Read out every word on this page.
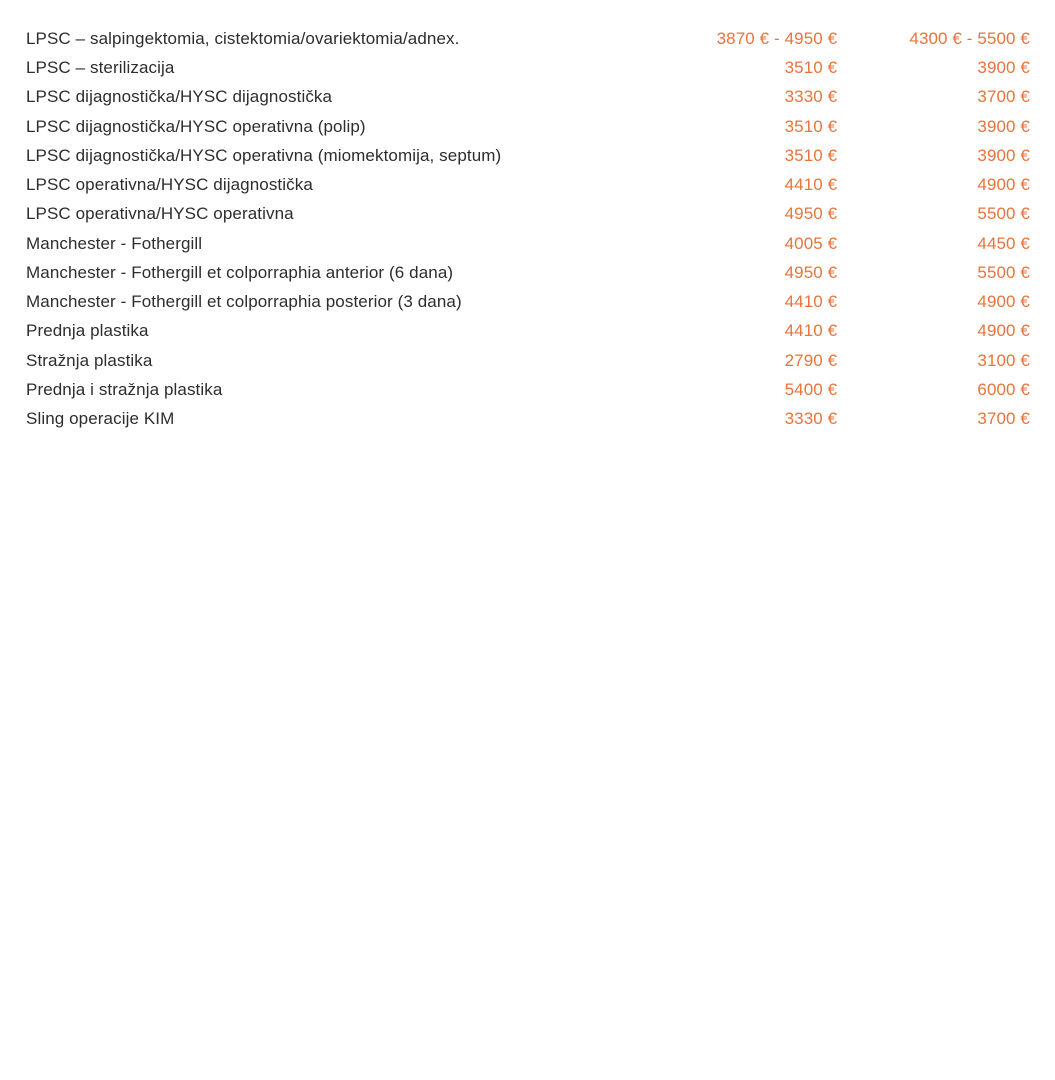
LPSC – salpingektomia, cistektomia/ovariektomia/adnex.	3870 € - 4950 €	4300 € - 5500 €

LPSC – sterilizacija	3510 €	3900 €

LPSC dijagnostička/HYSC dijagnostička	3330 €	3700 €

LPSC dijagnostička/HYSC operativna (polip)	3510 €	3900 €

LPSC dijagnostička/HYSC operativna (miomektomija, septum)	3510 €	3900 €

LPSC operativna/HYSC dijagnostička	4410 €	4900 €

LPSC operativna/HYSC operativna	4950 €	5500 €

Manchester - Fothergill	4005 €	4450 €

Manchester - Fothergill et colporraphia anterior (6 dana)	4950 €	5500 €

Manchester - Fothergill et colporraphia posterior (3 dana)	4410 €	4900 €

Prednja plastika	4410 €	4900 €

Stražnja plastika	2790 €	3100 €

Prednja i stražnja plastika	5400 €	6000 €

Sling operacije KIM	3330 €	3700 €
